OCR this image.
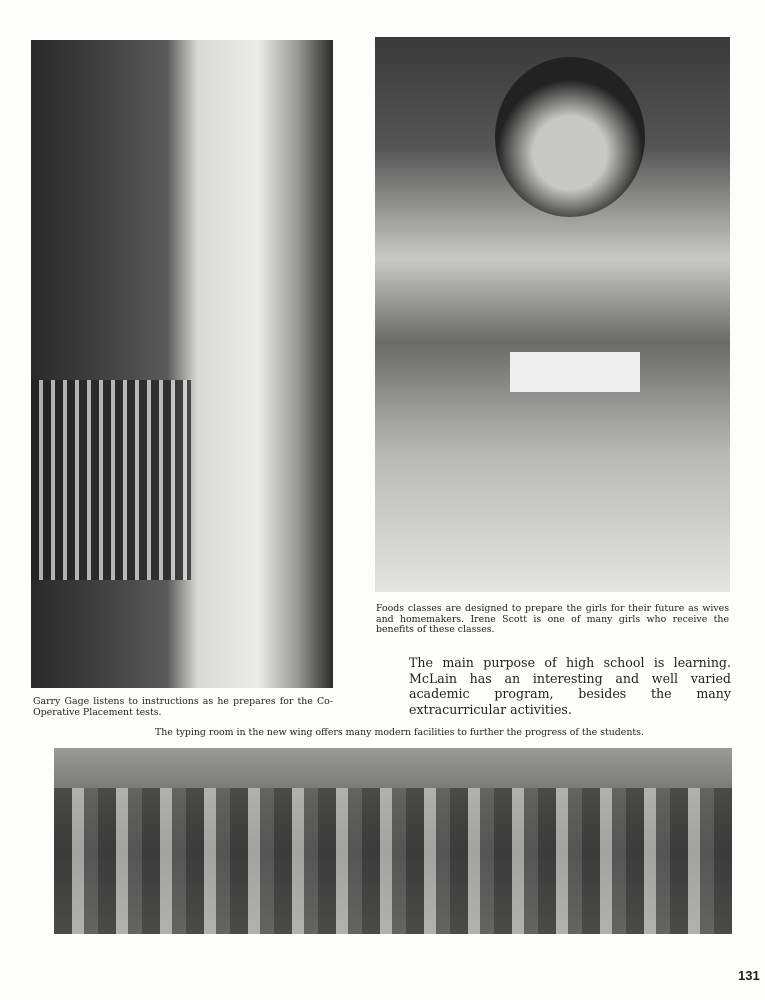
Foods classes are designed to prepare the girls for their future as wives and homemakers. Irene Scott is one of many girls who receive the benefits of these classes.
The main purpose of high school is learning. McLain has an interesting and well varied academic program, besides the many extracurricular activities.
Garry Gage listens to instructions as he prepares for the Co-Operative Placement tests.
The typing room in the new wing offers many modern facilities to further the progress of the students.
131
